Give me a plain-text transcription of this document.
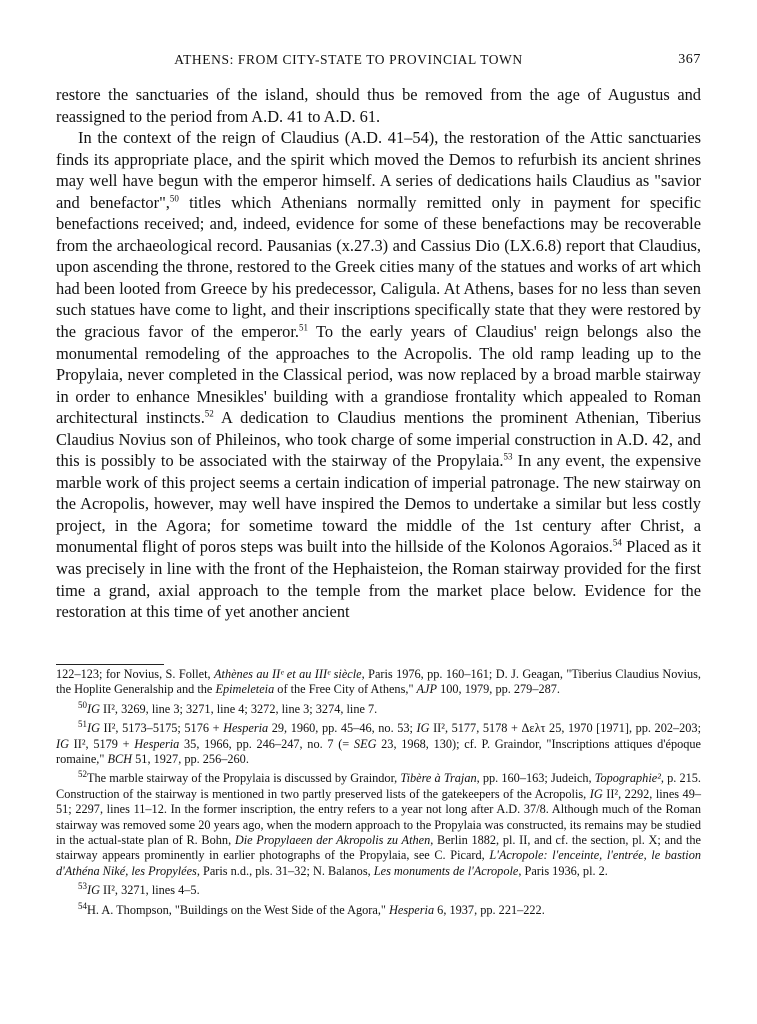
ATHENS: FROM CITY-STATE TO PROVINCIAL TOWN	367

restore the sanctuaries of the island, should thus be removed from the age of Augustus and reassigned to the period from A.D. 41 to A.D. 61.

In the context of the reign of Claudius (A.D. 41–54), the restoration of the Attic sanctuaries finds its appropriate place, and the spirit which moved the Demos to refurbish its ancient shrines may well have begun with the emperor himself. A series of dedications hails Claudius as "savior and benefactor",$^{50}$ titles which Athenians normally remitted only in payment for specific benefactions received; and, indeed, evidence for some of these benefactions may be recoverable from the archaeological record. Pausanias (x.27.3) and Cassius Dio (LX.6.8) report that Claudius, upon ascending the throne, restored to the Greek cities many of the statues and works of art which had been looted from Greece by his predecessor, Caligula. At Athens, bases for no less than seven such statues have come to light, and their inscriptions specifically state that they were restored by the gracious favor of the emperor.$^{51}$ To the early years of Claudius' reign belongs also the monumental remodeling of the approaches to the Acropolis. The old ramp leading up to the Propylaia, never completed in the Classical period, was now replaced by a broad marble stairway in order to enhance Mnesikles' building with a grandiose frontality which appealed to Roman architectural instincts.$^{52}$ A dedication to Claudius mentions the prominent Athenian, Tiberius Claudius Novius son of Phileinos, who took charge of some imperial construction in A.D. 42, and this is possibly to be associated with the stairway of the Propylaia.$^{53}$ In any event, the expensive marble work of this project seems a certain indication of imperial patronage. The new stairway on the Acropolis, however, may well have inspired the Demos to undertake a similar but less costly project, in the Agora; for sometime toward the middle of the 1st century after Christ, a monumental flight of poros steps was built into the hillside of the Kolonos Agoraios.$^{54}$ Placed as it was precisely in line with the front of the Hephaisteion, the Roman stairway provided for the first time a grand, axial approach to the temple from the market place below. Evidence for the restoration at this time of yet another ancient

122–123; for Novius, S. Follet, Athènes au IIᵉ et au IIIᵉ siècle, Paris 1976, pp. 160–161; D. J. Geagan, "Tiberius Claudius Novius, the Hoplite Generalship and the Epimeleteia of the Free City of Athens," AJP 100, 1979, pp. 279–287.

$^{50}$IG II², 3269, line 3; 3271, line 4; 3272, line 3; 3274, line 7.

$^{51}$IG II², 5173–5175; 5176 + Hesperia 29, 1960, pp. 45–46, no. 53; IG II², 5177, 5178 + Δελτ 25, 1970 [1971], pp. 202–203; IG II², 5179 + Hesperia 35, 1966, pp. 246–247, no. 7 (= SEG 23, 1968, 130); cf. P. Graindor, "Inscriptions attiques d'époque romaine," BCH 51, 1927, pp. 256–260.

$^{52}$The marble stairway of the Propylaia is discussed by Graindor, Tibère à Trajan, pp. 160–163; Judeich, Topographie², p. 215. Construction of the stairway is mentioned in two partly preserved lists of the gatekeepers of the Acropolis, IG II², 2292, lines 49–51; 2297, lines 11–12. In the former inscription, the entry refers to a year not long after A.D. 37/8. Although much of the Roman stairway was removed some 20 years ago, when the modern approach to the Propylaia was constructed, its remains may be studied in the actual-state plan of R. Bohn, Die Propylaeen der Akropolis zu Athen, Berlin 1882, pl. II, and cf. the section, pl. X; and the stairway appears prominently in earlier photographs of the Propylaia, see C. Picard, L'Acropole: l'enceinte, l'entrée, le bastion d'Athéna Niké, les Propylées, Paris n.d., pls. 31–32; N. Balanos, Les monuments de l'Acropole, Paris 1936, pl. 2.

$^{53}$IG II², 3271, lines 4–5.

$^{54}$H. A. Thompson, "Buildings on the West Side of the Agora," Hesperia 6, 1937, pp. 221–222.
